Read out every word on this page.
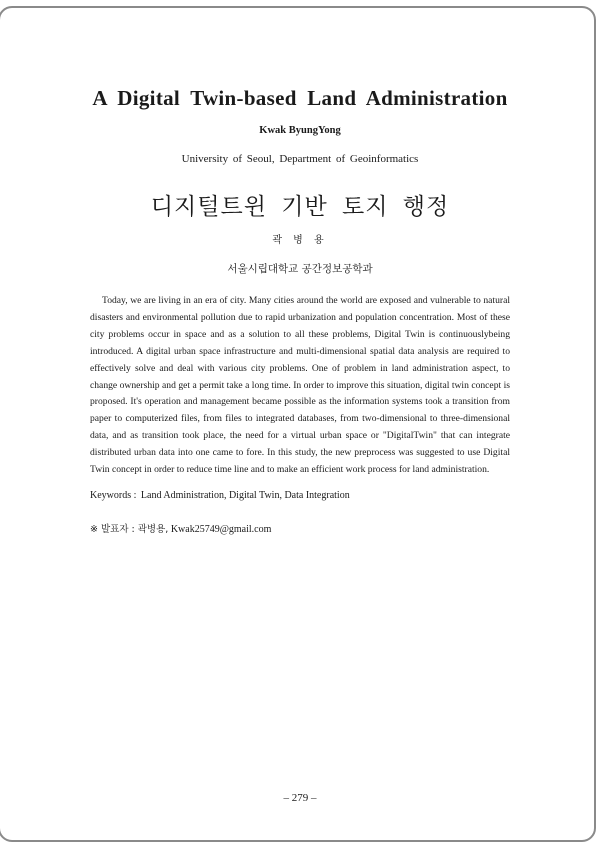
A Digital Twin-based Land Administration
Kwak ByungYong
University of Seoul, Department of Geoinformatics
디지털트윈 기반 토지 행정
곽 병 용
서울시립대학교 공간정보공학과

Today, we are living in an era of city. Many cities around the world are exposed and vulnerable to natural disasters and environmental pollution due to rapid urbanization and population concentration. Most of these city problems occur in space and as a solution to all these problems, Digital Twin is continuouslybeing introduced. A digital urban space infrastructure and multi-dimensional spatial data analysis are required to effectively solve and deal with various city problems. One of problem in land administration aspect, to change ownership and get a permit take a long time. In order to improve this situation, digital twin concept is proposed. It's operation and management became possible as the information systems took a transition from paper to computerized files, from files to integrated databases, from two-dimensional to three-dimensional data, and as transition took place, the need for a virtual urban space or "DigitalTwin" that can integrate distributed urban data into one came to fore. In this study, the new preprocess was suggested to use Digital Twin concept in order to reduce time line and to make an efficient work process for land administration.

Keywords : Land Administration, Digital Twin, Data Integration
※ 발표자 : 곽병용, Kwak25749@gmail.com
– 279 –
